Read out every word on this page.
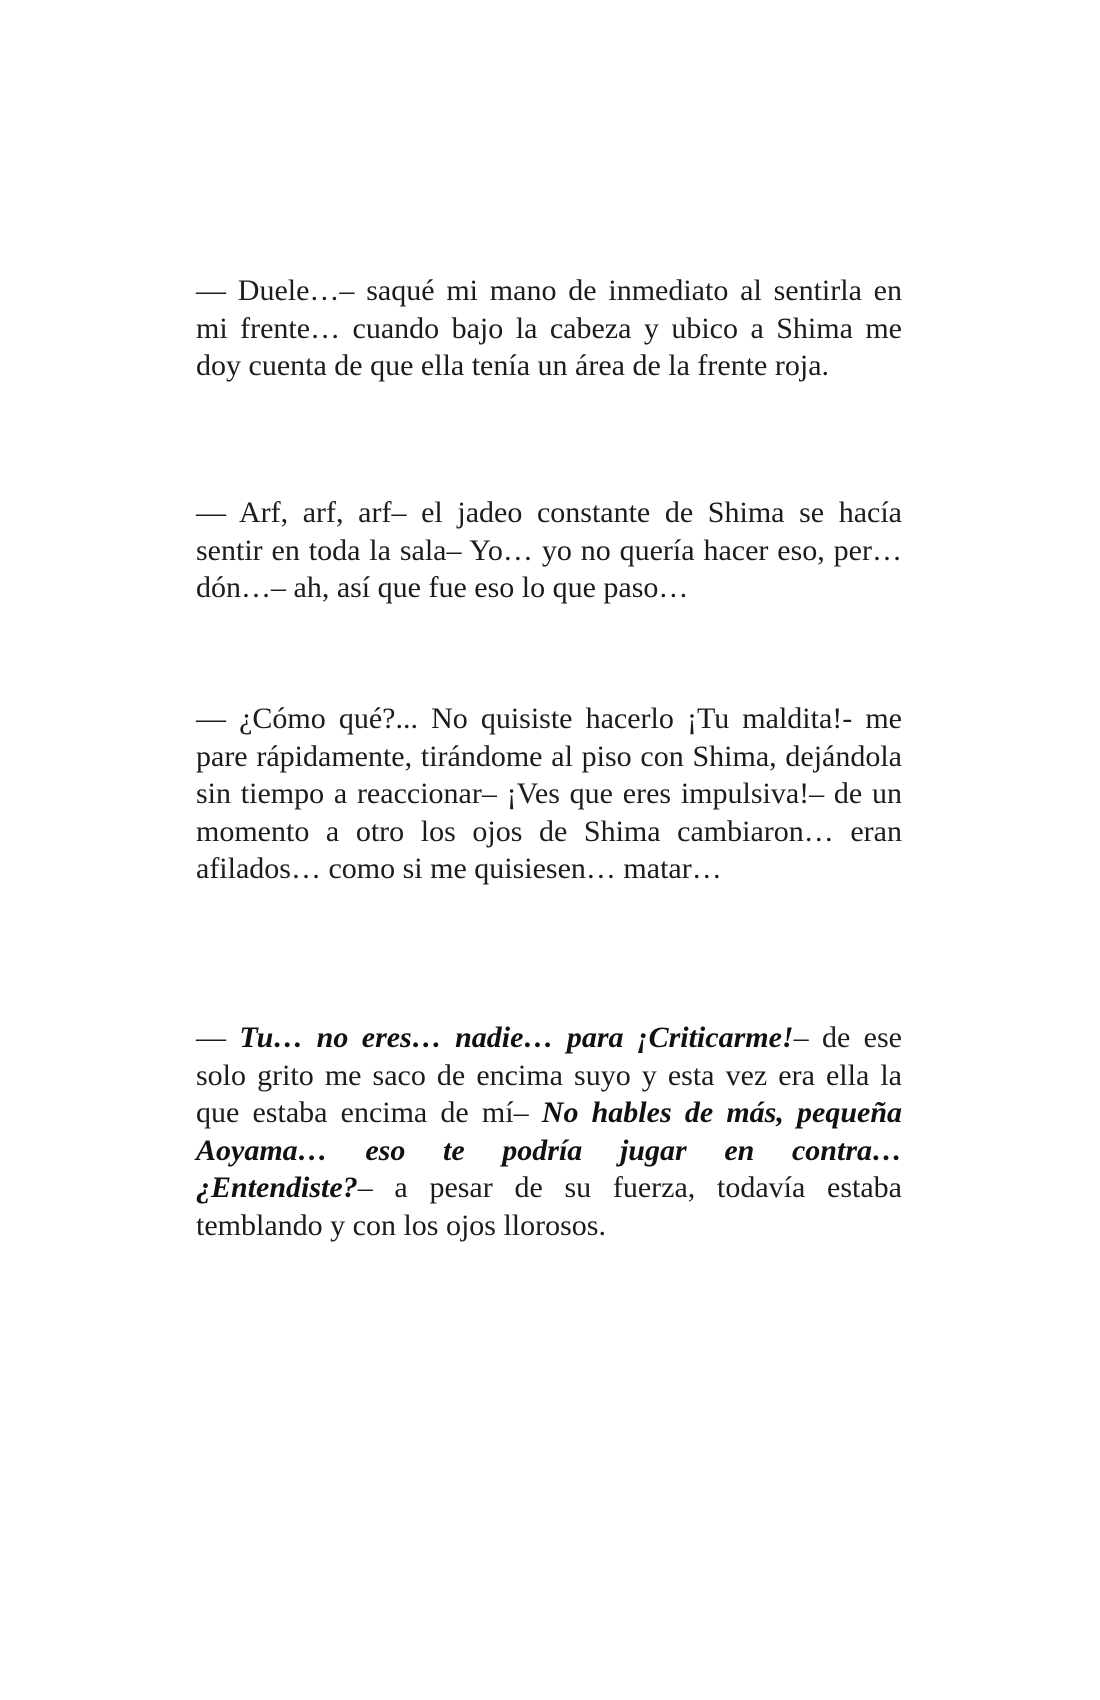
— Duele…– saqué mi mano de inmediato al sentirla en mi frente… cuando bajo la cabeza y ubico a Shima me doy cuenta de que ella tenía un área de la frente roja.

— Arf, arf, arf– el jadeo constante de Shima se hacía sentir en toda la sala– Yo… yo no quería hacer eso, per… dón…– ah, así que fue eso lo que paso…

— ¿Cómo qué?... No quisiste hacerlo ¡Tu maldita!- me pare rápidamente, tirándome al piso con Shima, dejándola sin tiempo a reaccionar– ¡Ves que eres impulsiva!– de un momento a otro los ojos de Shima cambiaron… eran afilados… como si me quisiesen… matar…

— Tu… no eres… nadie… para ¡Criticarme!– de ese solo grito me saco de encima suyo y esta vez era ella la que estaba encima de mí– No hables de más, pequeña Aoyama… eso te podría jugar en contra… ¿Entendiste?– a pesar de su fuerza, todavía estaba temblando y con los ojos llorosos.
